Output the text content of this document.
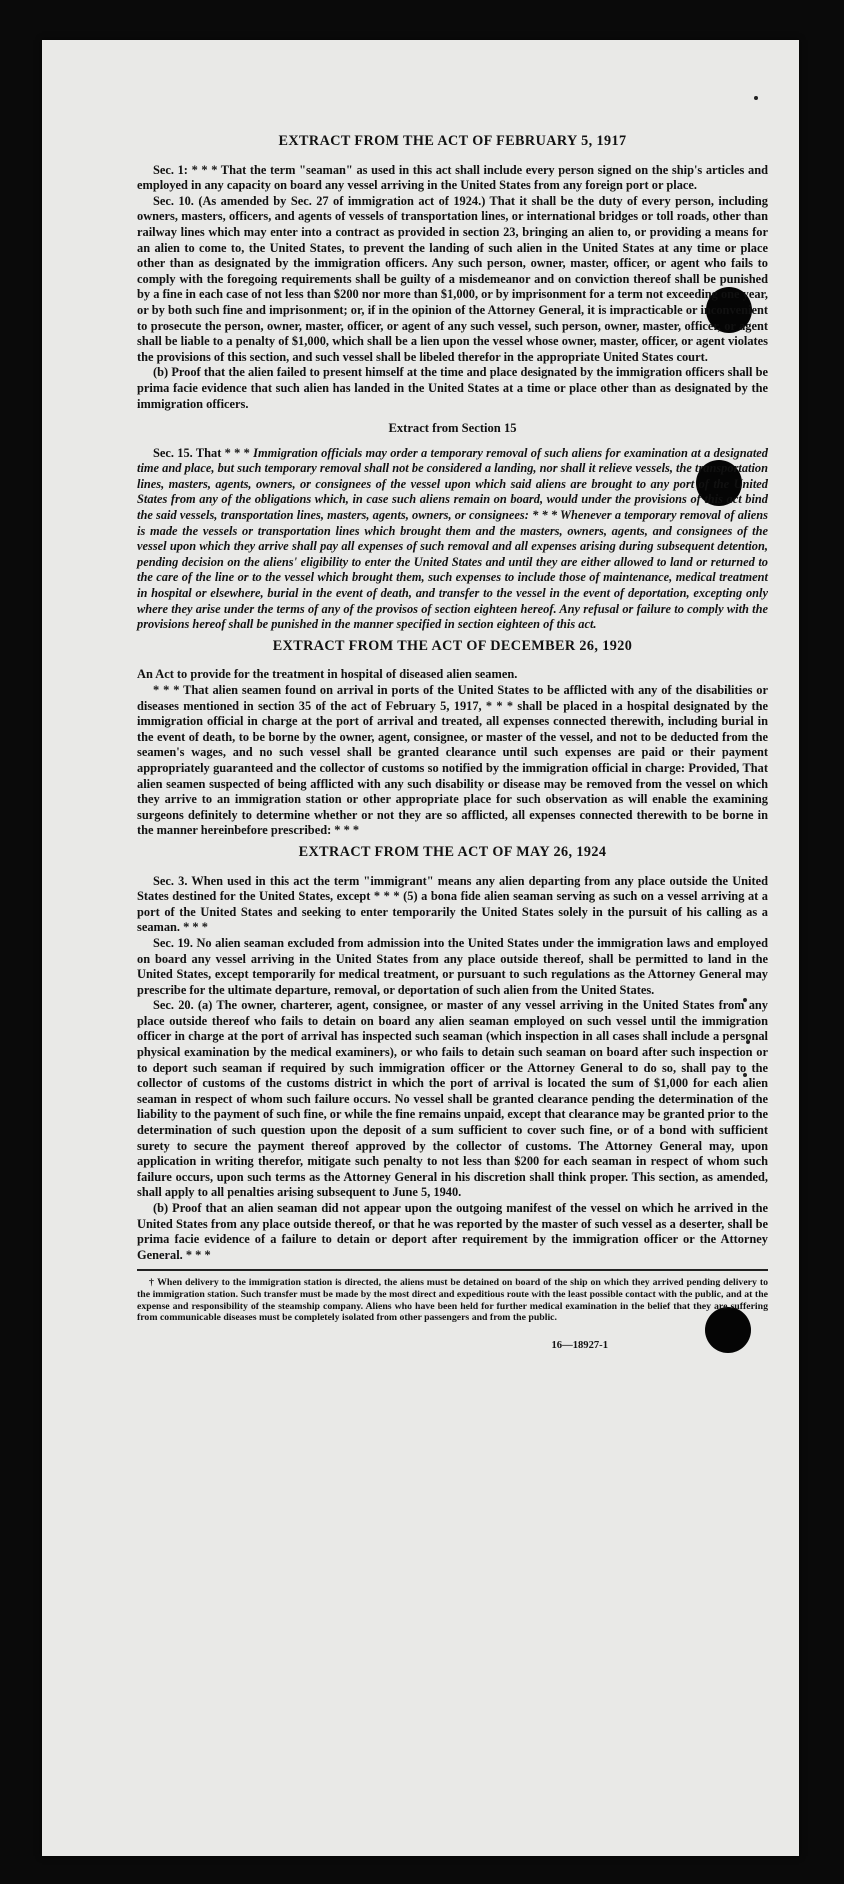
EXTRACT FROM THE ACT OF FEBRUARY 5, 1917

Sec. 1: * * * That the term "seaman" as used in this act shall include every person signed on the ship's articles and employed in any capacity on board any vessel arriving in the United States from any foreign port or place.

Sec. 10. (As amended by Sec. 27 of immigration act of 1924.) That it shall be the duty of every person, including owners, masters, officers, and agents of vessels of transportation lines, or international bridges or toll roads, other than railway lines which may enter into a contract as provided in section 23, bringing an alien to, or providing a means for an alien to come to, the United States, to prevent the landing of such alien in the United States at any time or place other than as designated by the immigration officers. Any such person, owner, master, officer, or agent who fails to comply with the foregoing requirements shall be guilty of a misdemeanor and on conviction thereof shall be punished by a fine in each case of not less than $200 nor more than $1,000, or by imprisonment for a term not exceeding one year, or by both such fine and imprisonment; or, if in the opinion of the Attorney General, it is impracticable or inconvenient to prosecute the person, owner, master, officer, or agent of any such vessel, such person, owner, master, officer, or agent shall be liable to a penalty of $1,000, which shall be a lien upon the vessel whose owner, master, officer, or agent violates the provisions of this section, and such vessel shall be libeled therefor in the appropriate United States court.

(b) Proof that the alien failed to present himself at the time and place designated by the immigration officers shall be prima facie evidence that such alien has landed in the United States at a time or place other than as designated by the immigration officers.

Extract from Section 15

Sec. 15. That * * * Immigration officials may order a temporary removal of such aliens for examination at a designated time and place, but such temporary removal shall not be considered a landing, nor shall it relieve vessels, the transportation lines, masters, agents, owners, or consignees of the vessel upon which said aliens are brought to any port of the United States from any of the obligations which, in case such aliens remain on board, would under the provisions of this act bind the said vessels, transportation lines, masters, agents, owners, or consignees: * * * Whenever a temporary removal of aliens is made the vessels or transportation lines which brought them and the masters, owners, agents, and consignees of the vessel upon which they arrive shall pay all expenses of such removal and all expenses arising during subsequent detention, pending decision on the aliens' eligibility to enter the United States and until they are either allowed to land or returned to the care of the line or to the vessel which brought them, such expenses to include those of maintenance, medical treatment in hospital or elsewhere, burial in the event of death, and transfer to the vessel in the event of deportation, excepting only where they arise under the terms of any of the provisos of section eighteen hereof. Any refusal or failure to comply with the provisions hereof shall be punished in the manner specified in section eighteen of this act.

EXTRACT FROM THE ACT OF DECEMBER 26, 1920

An Act to provide for the treatment in hospital of diseased alien seamen.

* * * That alien seamen found on arrival in ports of the United States to be afflicted with any of the disabilities or diseases mentioned in section 35 of the act of February 5, 1917, * * * shall be placed in a hospital designated by the immigration official in charge at the port of arrival and treated, all expenses connected therewith, including burial in the event of death, to be borne by the owner, agent, consignee, or master of the vessel, and not to be deducted from the seamen's wages, and no such vessel shall be granted clearance until such expenses are paid or their payment appropriately guaranteed and the collector of customs so notified by the immigration official in charge: Provided, That alien seamen suspected of being afflicted with any such disability or disease may be removed from the vessel on which they arrive to an immigration station or other appropriate place for such observation as will enable the examining surgeons definitely to determine whether or not they are so afflicted, all expenses connected therewith to be borne in the manner hereinbefore prescribed: * * *

EXTRACT FROM THE ACT OF MAY 26, 1924

Sec. 3. When used in this act the term "immigrant" means any alien departing from any place outside the United States destined for the United States, except * * * (5) a bona fide alien seaman serving as such on a vessel arriving at a port of the United States and seeking to enter temporarily the United States solely in the pursuit of his calling as a seaman. * * *

Sec. 19. No alien seaman excluded from admission into the United States under the immigration laws and employed on board any vessel arriving in the United States from any place outside thereof, shall be permitted to land in the United States, except temporarily for medical treatment, or pursuant to such regulations as the Attorney General may prescribe for the ultimate departure, removal, or deportation of such alien from the United States.

Sec. 20. (a) The owner, charterer, agent, consignee, or master of any vessel arriving in the United States from any place outside thereof who fails to detain on board any alien seaman employed on such vessel until the immigration officer in charge at the port of arrival has inspected such seaman (which inspection in all cases shall include a personal physical examination by the medical examiners), or who fails to detain such seaman on board after such inspection or to deport such seaman if required by such immigration officer or the Attorney General to do so, shall pay to the collector of customs of the customs district in which the port of arrival is located the sum of $1,000 for each alien seaman in respect of whom such failure occurs. No vessel shall be granted clearance pending the determination of the liability to the payment of such fine, or while the fine remains unpaid, except that clearance may be granted prior to the determination of such question upon the deposit of a sum sufficient to cover such fine, or of a bond with sufficient surety to secure the payment thereof approved by the collector of customs. The Attorney General may, upon application in writing therefor, mitigate such penalty to not less than $200 for each seaman in respect of whom such failure occurs, upon such terms as the Attorney General in his discretion shall think proper. This section, as amended, shall apply to all penalties arising subsequent to June 5, 1940.

(b) Proof that an alien seaman did not appear upon the outgoing manifest of the vessel on which he arrived in the United States from any place outside thereof, or that he was reported by the master of such vessel as a deserter, shall be prima facie evidence of a failure to detain or deport after requirement by the immigration officer or the Attorney General. * * *

† When delivery to the immigration station is directed, the aliens must be detained on board of the ship on which they arrived pending delivery to the immigration station. Such transfer must be made by the most direct and expeditious route with the least possible contact with the public, and at the expense and responsibility of the steamship company. Aliens who have been held for further medical examination in the belief that they are suffering from communicable diseases must be completely isolated from other passengers and from the public.

16—18927-1
